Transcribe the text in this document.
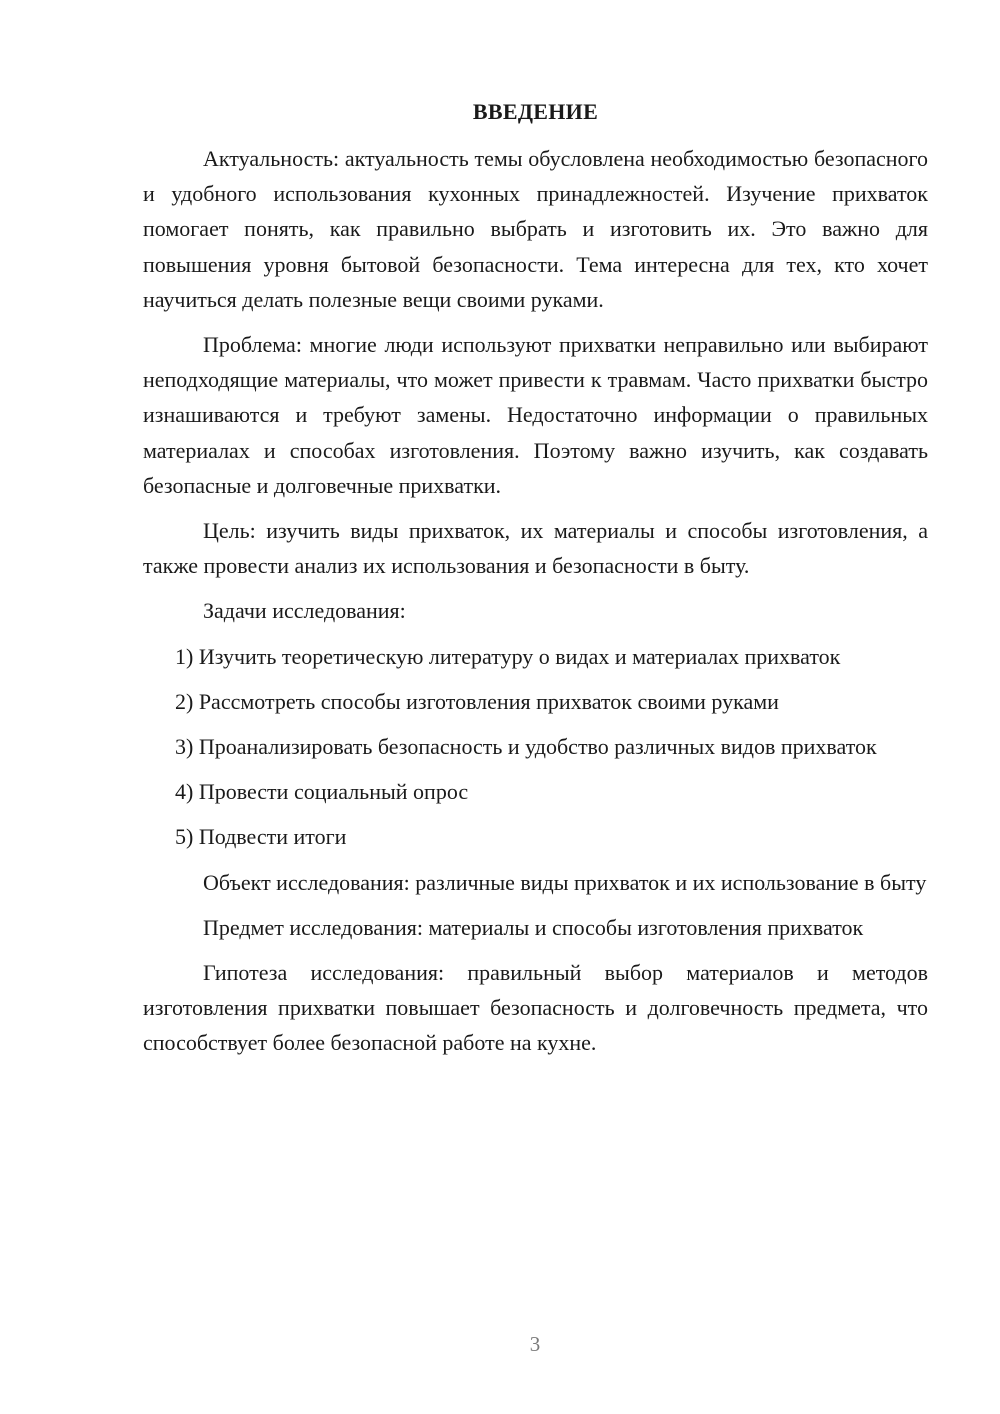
ВВЕДЕНИЕ

Актуальность: актуальность темы обусловлена необходимостью безопасного и удобного использования кухонных принадлежностей. Изучение прихваток помогает понять, как правильно выбрать и изготовить их. Это важно для повышения уровня бытовой безопасности. Тема интересна для тех, кто хочет научиться делать полезные вещи своими руками.

Проблема: многие люди используют прихватки неправильно или выбирают неподходящие материалы, что может привести к травмам. Часто прихватки быстро изнашиваются и требуют замены. Недостаточно информации о правильных материалах и способах изготовления. Поэтому важно изучить, как создавать безопасные и долговечные прихватки.

Цель: изучить виды прихваток, их материалы и способы изготовления, а также провести анализ их использования и безопасности в быту.

Задачи исследования:

1) Изучить теоретическую литературу о видах и материалах прихваток

2) Рассмотреть способы изготовления прихваток своими руками

3) Проанализировать безопасность и удобство различных видов прихваток

4) Провести социальный опрос

5) Подвести итоги

Объект исследования: различные виды прихваток и их использование в быту

Предмет исследования: материалы и способы изготовления прихваток

Гипотеза исследования: правильный выбор материалов и методов изготовления прихватки повышает безопасность и долговечность предмета, что способствует более безопасной работе на кухне.

3
